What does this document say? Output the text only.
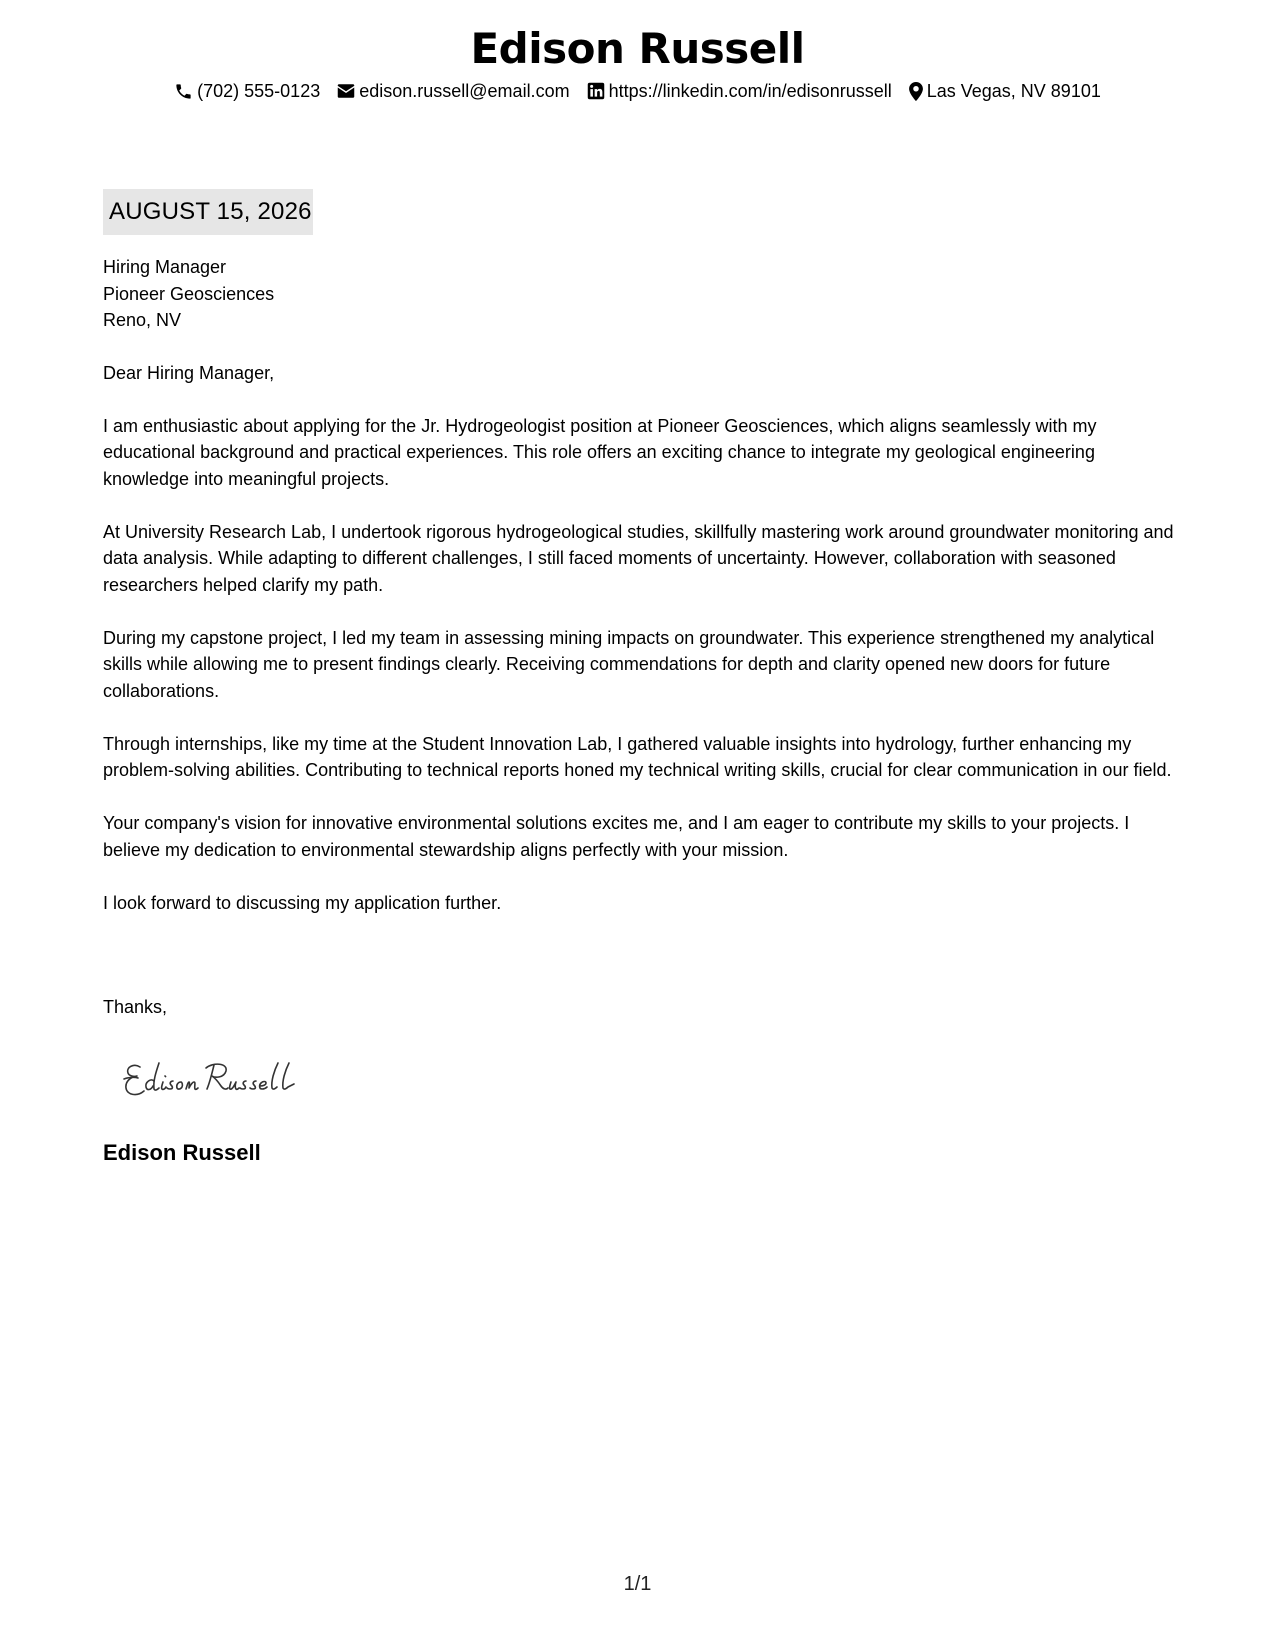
Edison Russell
(702) 555-0123 edison.russell@email.com https://linkedin.com/in/edisonrussell Las Vegas, NV 89101
AUGUST 15, 2026

Hiring Manager

Pioneer Geosciences

Reno, NV

Dear Hiring Manager,

I am enthusiastic about applying for the Jr. Hydrogeologist position at Pioneer Geosciences, which aligns seamlessly with my educational background and practical experiences. This role offers an exciting chance to integrate my geological engineering knowledge into meaningful projects.

At University Research Lab, I undertook rigorous hydrogeological studies, skillfully mastering work around groundwater monitoring and data analysis. While adapting to different challenges, I still faced moments of uncertainty. However, collaboration with seasoned researchers helped clarify my path.

During my capstone project, I led my team in assessing mining impacts on groundwater. This experience strengthened my analytical skills while allowing me to present findings clearly. Receiving commendations for depth and clarity opened new doors for future collaborations.

Through internships, like my time at the Student Innovation Lab, I gathered valuable insights into hydrology, further enhancing my problem-solving abilities. Contributing to technical reports honed my technical writing skills, crucial for clear communication in our field.

Your company's vision for innovative environmental solutions excites me, and I am eager to contribute my skills to your projects. I believe my dedication to environmental stewardship aligns perfectly with your mission.

I look forward to discussing my application further.

Thanks,

Edison Russell

1/1
